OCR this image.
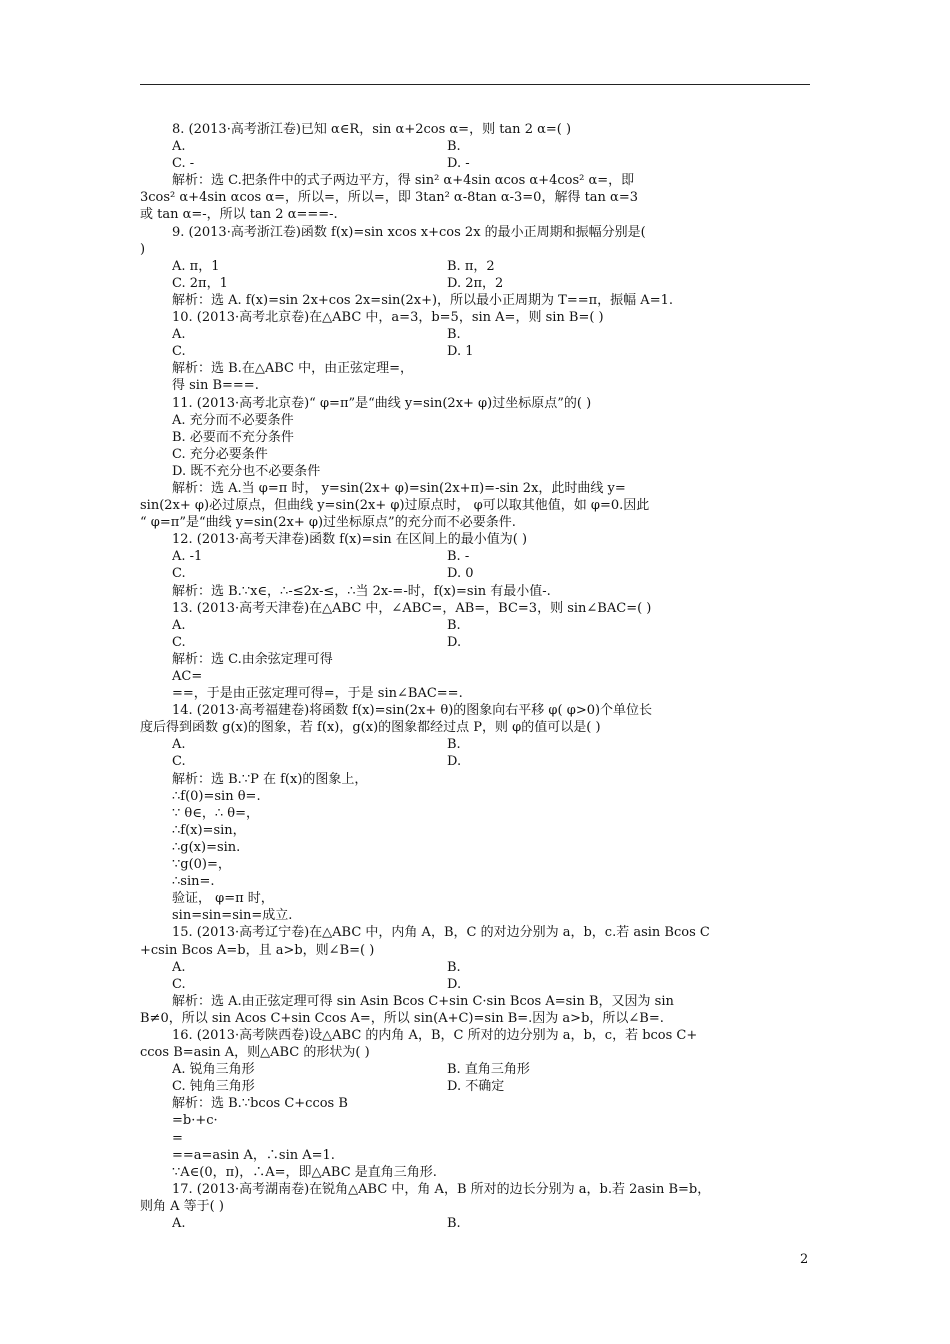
8. (2013·高考浙江卷)已知 α∈R，sin α+2cos α=，则 tan 2 α=( )
A.	B.
C. -	D. -
解析：选 C.把条件中的式子两边平方，得 sin² α+4sin αcos α+4cos² α=，即
3cos² α+4sin αcos α=，所以=，所以=，即 3tan² α-8tan α-3=0，解得 tan α=3
或 tan α=-，所以 tan 2 α===-.
9. (2013·高考浙江卷)函数 f(x)=sin xcos x+cos 2x 的最小正周期和振幅分别是(
)
A. π，1	B. π，2
C. 2π，1	D. 2π，2
解析：选 A. f(x)=sin 2x+cos 2x=sin(2x+)，所以最小正周期为 T==π，振幅 A=1.
10. (2013·高考北京卷)在△ABC 中，a=3，b=5，sin A=，则 sin B=( )
A.	B.
C.	D. 1
解析：选 B.在△ABC 中，由正弦定理=，
得 sin B===.
11. (2013·高考北京卷)“ φ=π”是“曲线 y=sin(2x+ φ)过坐标原点”的( )
A. 充分而不必要条件
B. 必要而不充分条件
C. 充分必要条件
D. 既不充分也不必要条件
解析：选 A.当 φ=π 时， y=sin(2x+ φ)=sin(2x+π)=-sin 2x，此时曲线 y=
sin(2x+ φ)必过原点，但曲线 y=sin(2x+ φ)过原点时， φ可以取其他值，如 φ=0.因此
“ φ=π”是“曲线 y=sin(2x+ φ)过坐标原点”的充分而不必要条件.
12. (2013·高考天津卷)函数 f(x)=sin 在区间上的最小值为( )
A. -1	B. -
C.	D. 0
解析：选 B.∵x∈，∴-≤2x-≤，∴当 2x-=-时，f(x)=sin 有最小值-.
13. (2013·高考天津卷)在△ABC 中，∠ABC=，AB=，BC=3，则 sin∠BAC=( )
A.	B.
C.	D.
解析：选 C.由余弦定理可得
AC=
==，于是由正弦定理可得=，于是 sin∠BAC==.
14. (2013·高考福建卷)将函数 f(x)=sin(2x+ θ)的图象向右平移 φ( φ>0)个单位长
度后得到函数 g(x)的图象，若 f(x)，g(x)的图象都经过点 P，则 φ的值可以是( )
A.	B.
C.	D.
解析：选 B.∵P 在 f(x)的图象上，
∴f(0)=sin θ=.
∵ θ∈，∴ θ=，
∴f(x)=sin，
∴g(x)=sin.
∵g(0)=，
∴sin=.
验证， φ=π 时，
sin=sin=sin=成立.
15. (2013·高考辽宁卷)在△ABC 中，内角 A，B，C 的对边分别为 a，b，c.若 asin Bcos C
+csin Bcos A=b，且 a>b，则∠B=( )
A.	B.
C.	D.
解析：选 A.由正弦定理可得 sin Asin Bcos C+sin C·sin Bcos A=sin B，又因为 sin
B≠0，所以 sin Acos C+sin Ccos A=，所以 sin(A+C)=sin B=.因为 a>b，所以∠B=.
16. (2013·高考陕西卷)设△ABC 的内角 A，B，C 所对的边分别为 a，b，c，若 bcos C+
ccos B=asin A，则△ABC 的形状为( )
A. 锐角三角形	B. 直角三角形
C. 钝角三角形	D. 不确定
解析：选 B.∵bcos C+ccos B
=b·+c·
=
==a=asin A，∴sin A=1.
∵A∈(0，π)，∴A=，即△ABC 是直角三角形.
17. (2013·高考湖南卷)在锐角△ABC 中，角 A，B 所对的边长分别为 a，b.若 2asin B=b，
则角 A 等于( )
A.	B.
2
